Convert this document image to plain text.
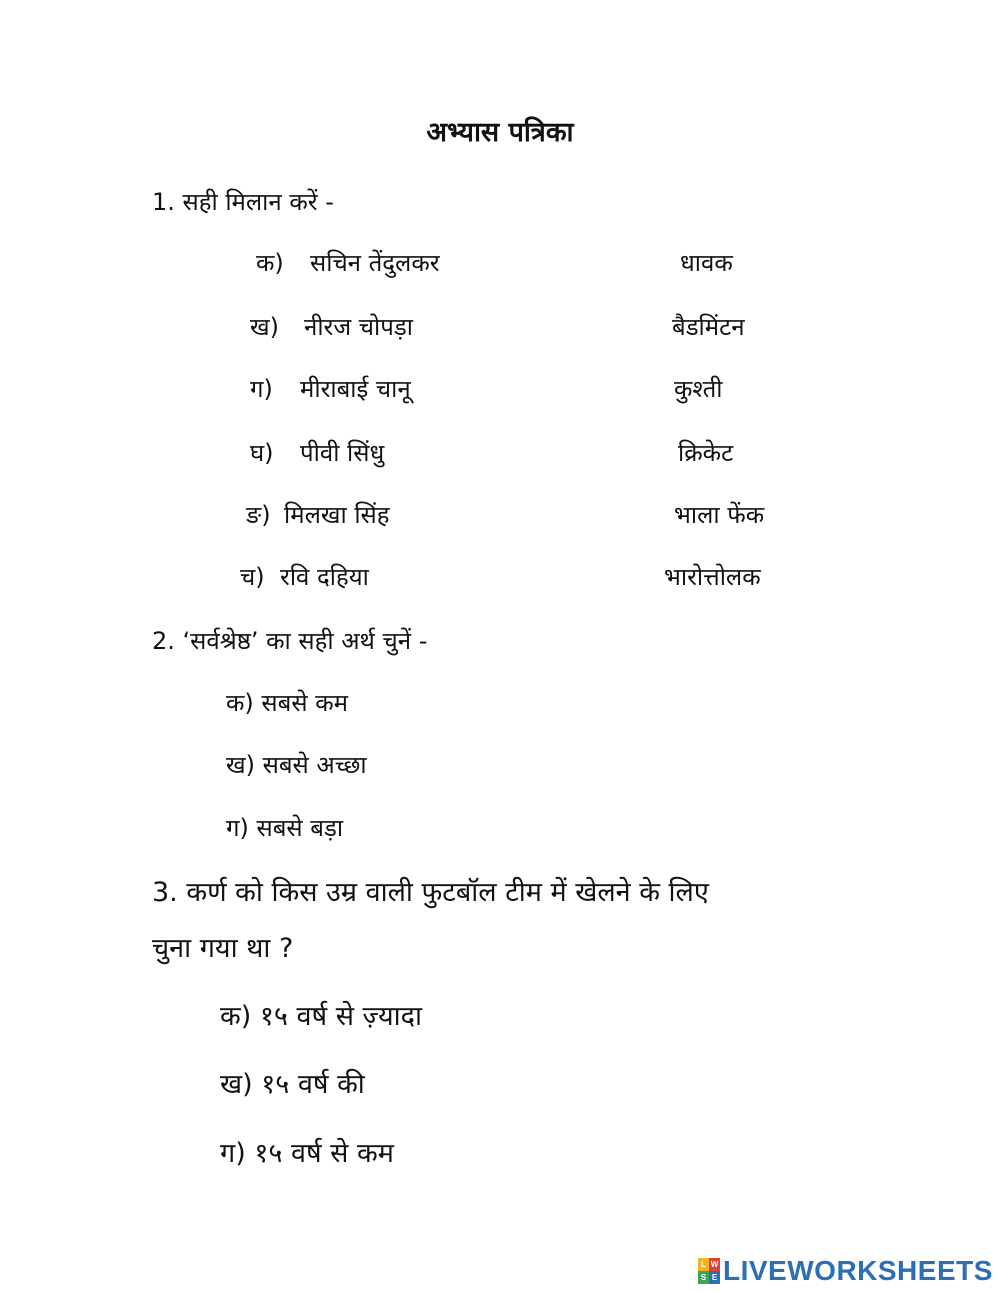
अभ्यास पत्रिका
1. सही मिलान करें -
क) सचिन तेंदुलकर	धावक
ख) नीरज चोपड़ा	बैडमिंटन
ग) मीराबाई चानू	कुश्ती
घ) पीवी सिंधु	क्रिकेट
ङ) मिलखा सिंह	भाला फेंक
च) रवि दहिया	भारोत्तोलक
2. ‘सर्वश्रेष्ठ’ का सही अर्थ चुनें -
क) सबसे कम
ख) सबसे अच्छा
ग) सबसे बड़ा
3. कर्ण को किस उम्र वाली फुटबॉल टीम में खेलने के लिए
चुना गया था ?
क) १५ वर्ष से ज़्यादा
ख) १५ वर्ष की
ग) १५ वर्ष से कम
L W
S E LIVEWORKSHEETS
